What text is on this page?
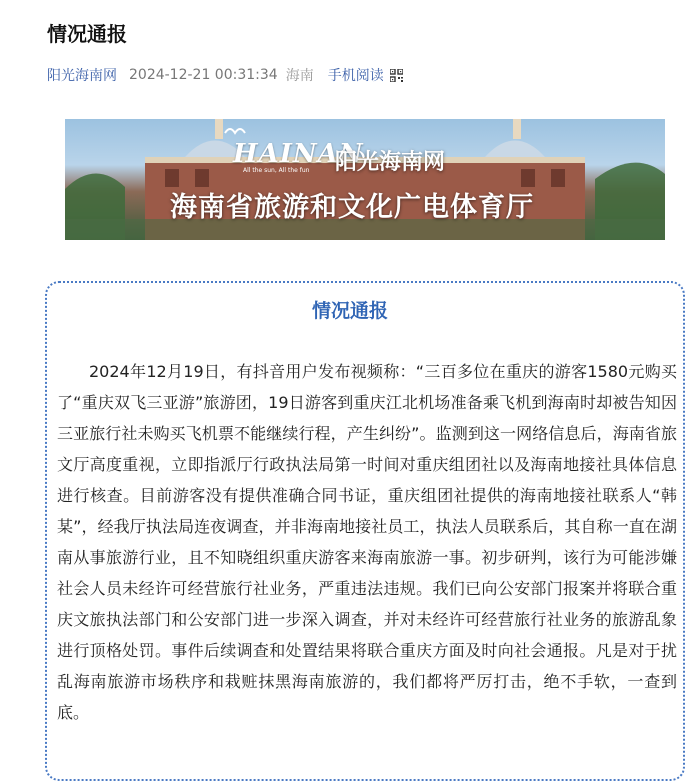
情况通报
阳光海南网 2024-12-21 00:31:34 海南 手机阅读
HAINAN
All the sun, All the fun 阳光海南网
海南省旅游和文化广电体育厅
情况通报

2024年12月19日，有抖音用户发布视频称：“三百多位在重庆的游客1580元购买了“重庆双飞三亚游”旅游团，19日游客到重庆江北机场准备乘飞机到海南时却被告知因三亚旅行社未购买飞机票不能继续行程，产生纠纷”。监测到这一网络信息后，海南省旅文厅高度重视，立即指派厅行政执法局第一时间对重庆组团社以及海南地接社具体信息进行核查。目前游客没有提供准确合同书证，重庆组团社提供的海南地接社联系人“韩某”，经我厅执法局连夜调查，并非海南地接社员工，执法人员联系后，其自称一直在湖南从事旅游行业，且不知晓组织重庆游客来海南旅游一事。初步研判，该行为可能涉嫌社会人员未经许可经营旅行社业务，严重违法违规。我们已向公安部门报案并将联合重庆文旅执法部门和公安部门进一步深入调查，并对未经许可经营旅行社业务的旅游乱象进行顶格处罚。事件后续调查和处置结果将联合重庆方面及时向社会通报。凡是对于扰乱海南旅游市场秩序和栽赃抹黑海南旅游的，我们都将严厉打击，绝不手软，一查到底。
